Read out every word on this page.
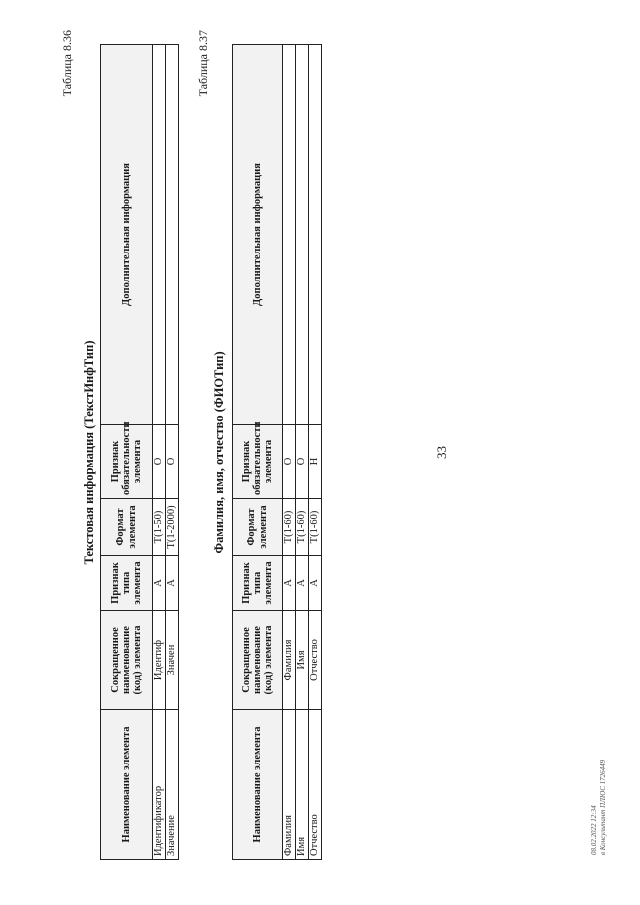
33
Таблица 8.36
Текстовая информация (ТекстИнфТип)
Наименование элемента	Сокращенное наименование (код) элемента	Признак типа элемента	Формат элемента	Признак обязательности элемента	Дополнительная информация
Идентификатор	Идентиф	А	T(1-50)	О	
Значение	Значен	А	T(1-2000)	О	
Таблица 8.37
Фамилия, имя, отчество (ФИОТип)
Наименование элемента	Сокращенное наименование (код) элемента	Признак типа элемента	Формат элемента	Признак обязательности элемента	Дополнительная информация
Фамилия	Фамилия	А	T(1-60)	О	
Имя	Имя	А	T(1-60)	О	
Отчество	Отчество	А	T(1-60)	Н	
08.02.2022 12:34 в Консультант ПЛЮС 1726449
